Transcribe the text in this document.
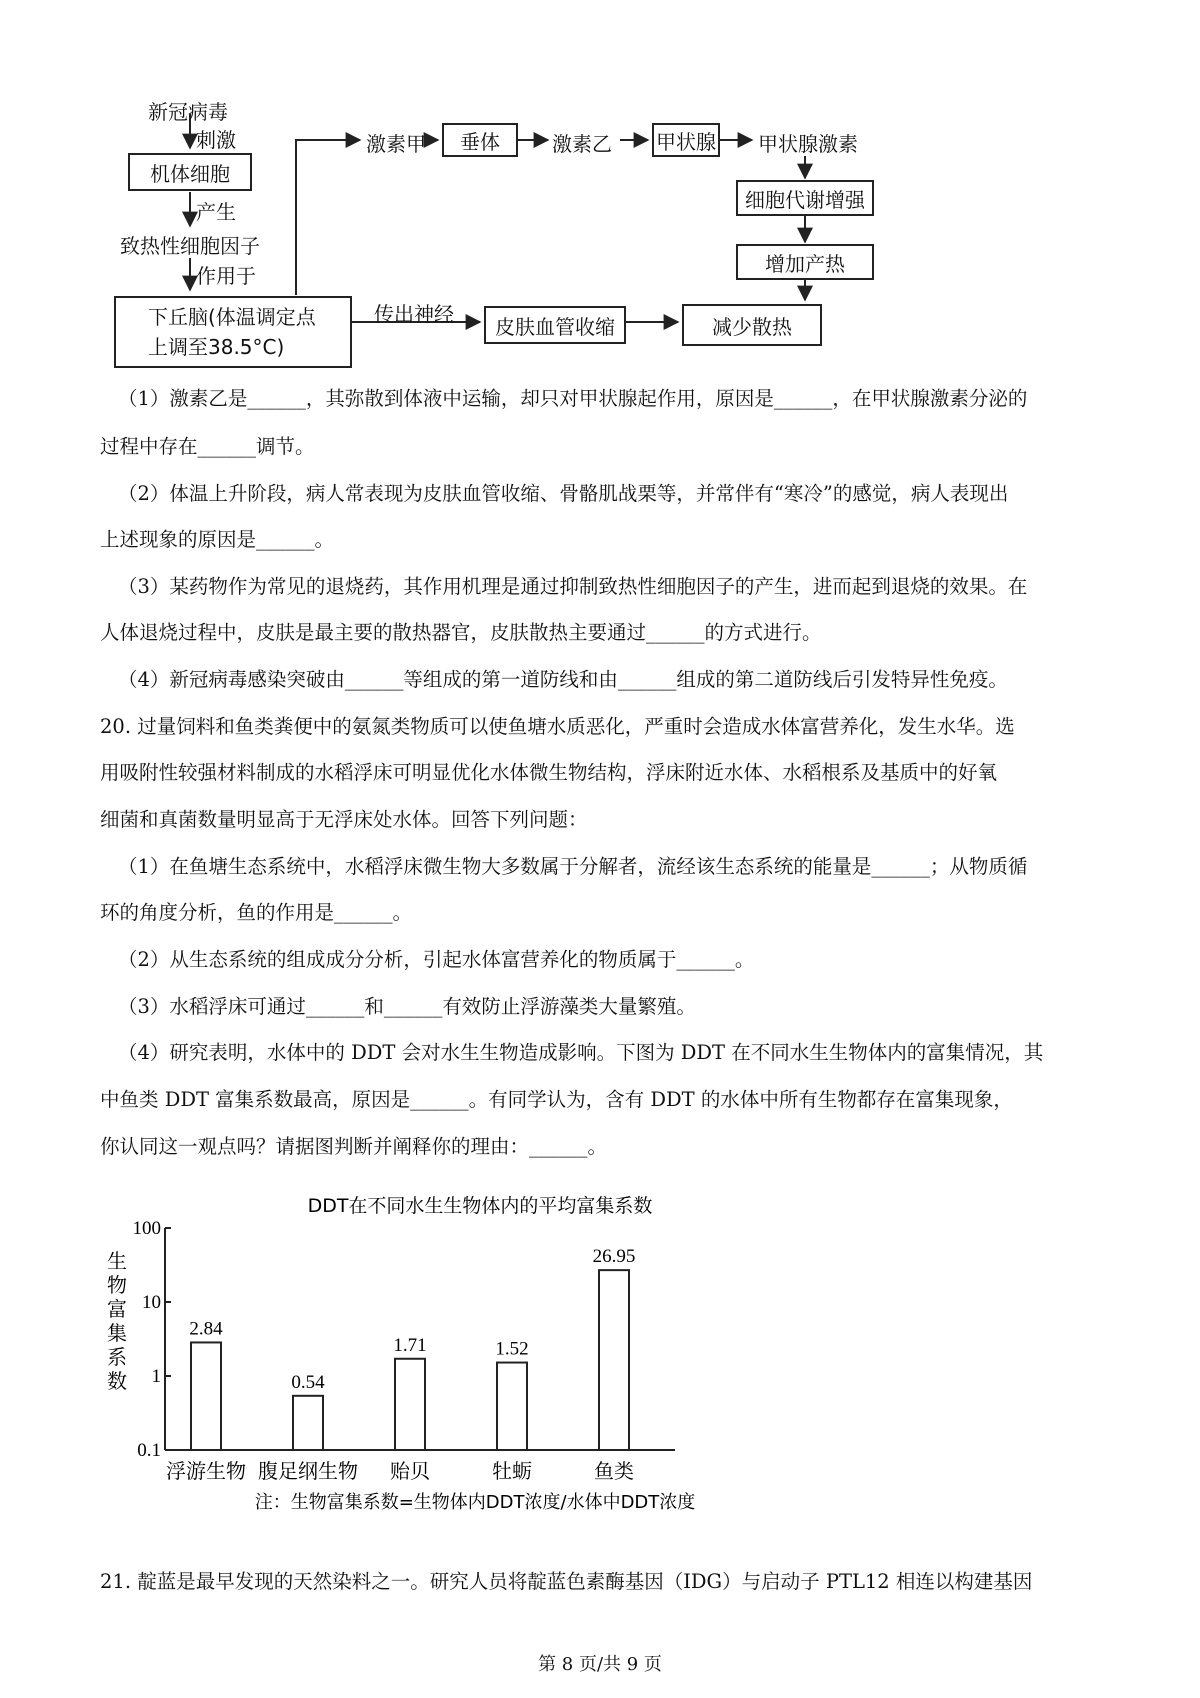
新冠病毒
刺激
机体细胞
产生
致热性细胞因子
作用于
下丘脑(体温调定点
上调至38.5°C)
传出神经
皮肤血管收缩	减少散热
激素甲	垂体	激素乙 甲状腺 甲状腺激素
细胞代谢增强
增加产热
（1）激素乙是______，其弥散到体液中运输，却只对甲状腺起作用，原因是______，在甲状腺激素分泌的
过程中存在______调节。
（2）体温上升阶段，病人常表现为皮肤血管收缩、骨骼肌战栗等，并常伴有“寒冷”的感觉，病人表现出
上述现象的原因是______。
（3）某药物作为常见的退烧药，其作用机理是通过抑制致热性细胞因子的产生，进而起到退烧的效果。在
人体退烧过程中，皮肤是最主要的散热器官，皮肤散热主要通过______的方式进行。
（4）新冠病毒感染突破由______等组成的第一道防线和由______组成的第二道防线后引发特异性免疫。
20. 过量饲料和鱼类粪便中的氨氮类物质可以使鱼塘水质恶化，严重时会造成水体富营养化，发生水华。选
用吸附性较强材料制成的水稻浮床可明显优化水体微生物结构，浮床附近水体、水稻根系及基质中的好氧
细菌和真菌数量明显高于无浮床处水体。回答下列问题：
（1）在鱼塘生态系统中，水稻浮床微生物大多数属于分解者，流经该生态系统的能量是______；从物质循
环的角度分析，鱼的作用是______。
（2）从生态系统的组成成分分析，引起水体富营养化的物质属于______。
（3）水稻浮床可通过______和______有效防止浮游藻类大量繁殖。
（4）研究表明，水体中的 DDT 会对水生生物造成影响。下图为 DDT 在不同水生生物体内的富集情况，其
中鱼类 DDT 富集系数最高，原因是______。有同学认为，含有 DDT 的水体中所有生物都存在富集现象，
你认同这一观点吗？请据图判断并阐释你的理由：______。
DDT在不同水生生物体内的平均富集系数
注：生物富集系数=生物体内DDT浓度/水体中DDT浓度
生
物
富
集
系
数
100
10
1
0.1
2.84
浮游生物
0.54
腹足纲生物
1.71
贻贝
1.52
牡蛎
26.95
鱼类
21. 靛蓝是最早发现的天然染料之一。研究人员将靛蓝色素酶基因（IDG）与启动子 PTL12 相连以构建基因
第 8 页/共 9 页
